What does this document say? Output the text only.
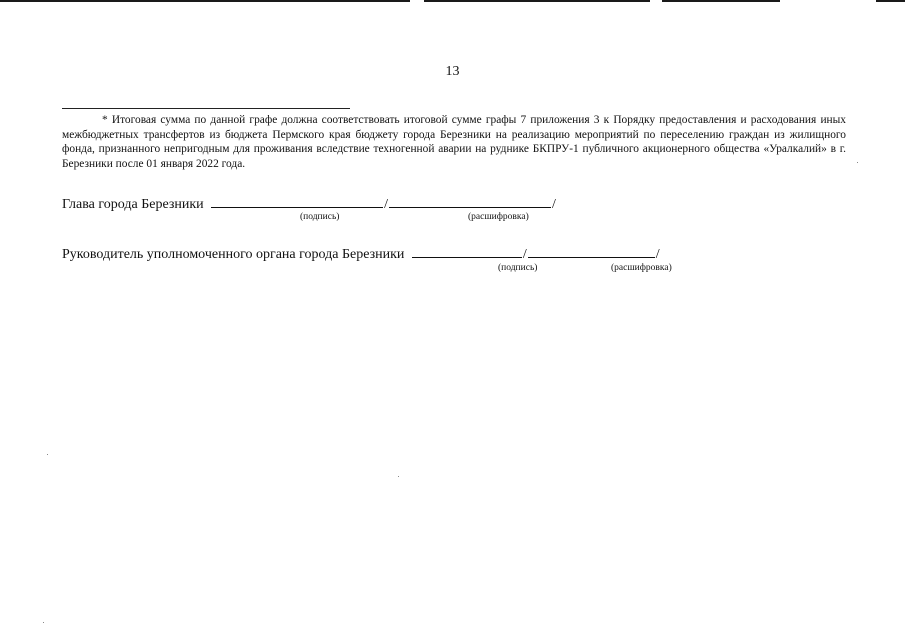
13

* Итоговая сумма по данной графе должна соответствовать итоговой сумме графы 7 приложения 3 к Порядку предоставления и расходования иных межбюджетных трансфертов из бюджета Пермского края бюджету города Березники на реализацию мероприятий по переселению граждан из жилищного фонда, признанного непригодным для проживания вследствие техногенной аварии на руднике БКПРУ-1 публичного акционерного общества «Уралкалий» в г. Березники после 01 января 2022 года.

Глава города Березники	/	/
(подпись)	(расшифровка)
Руководитель уполномоченного органа города Березники	/	/
(подпись)	(расшифровка)
